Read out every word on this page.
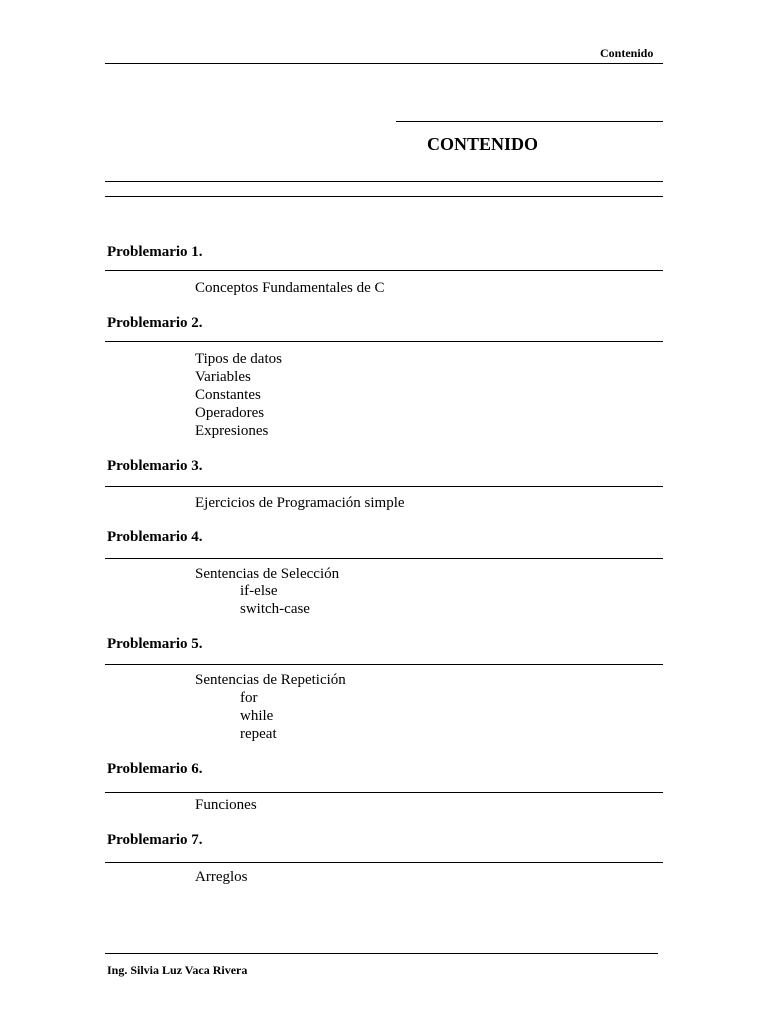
Contenido
CONTENIDO
Problemario 1.
Conceptos Fundamentales de C
Problemario 2.
Tipos de datos
Variables
Constantes
Operadores
Expresiones
Problemario 3.
Ejercicios de Programación simple
Problemario 4.
Sentencias de Selección
if-else
switch-case
Problemario 5.
Sentencias de Repetición
for
while
repeat
Problemario 6.
Funciones
Problemario 7.
Arreglos
Ing. Silvia Luz Vaca Rivera
